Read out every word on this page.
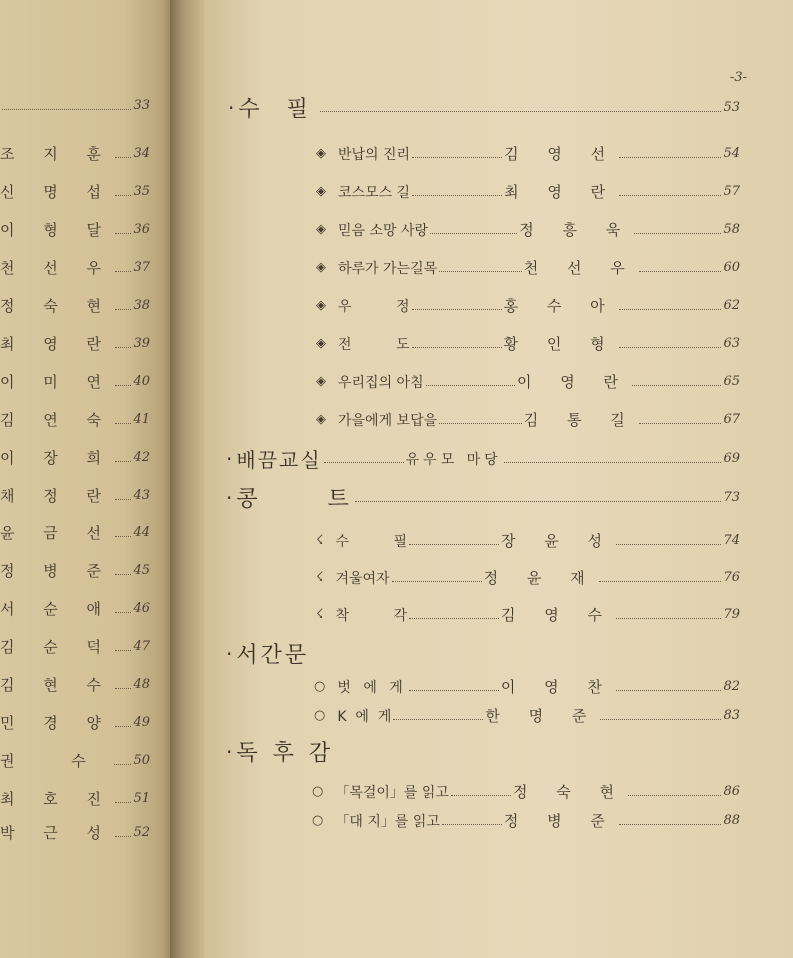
-3-
33
조 지 훈 34
신 명 섭 35
이 형 달 36
천 선 우 37
정 숙 현 38
최 영 란 39
이 미 연 40
김 연 숙 41
이 장 희 42
채 정 란 43
윤 금 선 44
정 병 준 45
서 순 애 46
김 순 덕 47
김 현 수 48
민 경 양 49
권 수 50
최 호 진 51
박 근 성 52
· 수 필	53
◈ 반납의 진리	김 영 선	54
◈ 코스모스 길	최 영 란	57
◈ 믿음 소망 사랑	정 흥 욱	58
◈ 하루가 가는길목	천 선 우	60
◈ 우          정	홍 수 아	62
◈ 전          도	황 인 형	63
◈ 우리집의 아침	이 영 란	65
◈ 가을에게 보답을	김 통 길	67
· 배끔교실	유우모 마당	69
· 콩      트	73
☇ 수          필	장 윤 성	74
☇ 겨울여자	정 윤 재	76
☇ 착          각	김 영 수	79
· 서간문
○ 벗 에 게	이 영 찬	82
○ K  에  게	한 명 준	83
· 독 후 감
○ 「목걸이」를 읽고	정 숙 현	86
○ 「대 지」를 읽고	정 병 준	88
